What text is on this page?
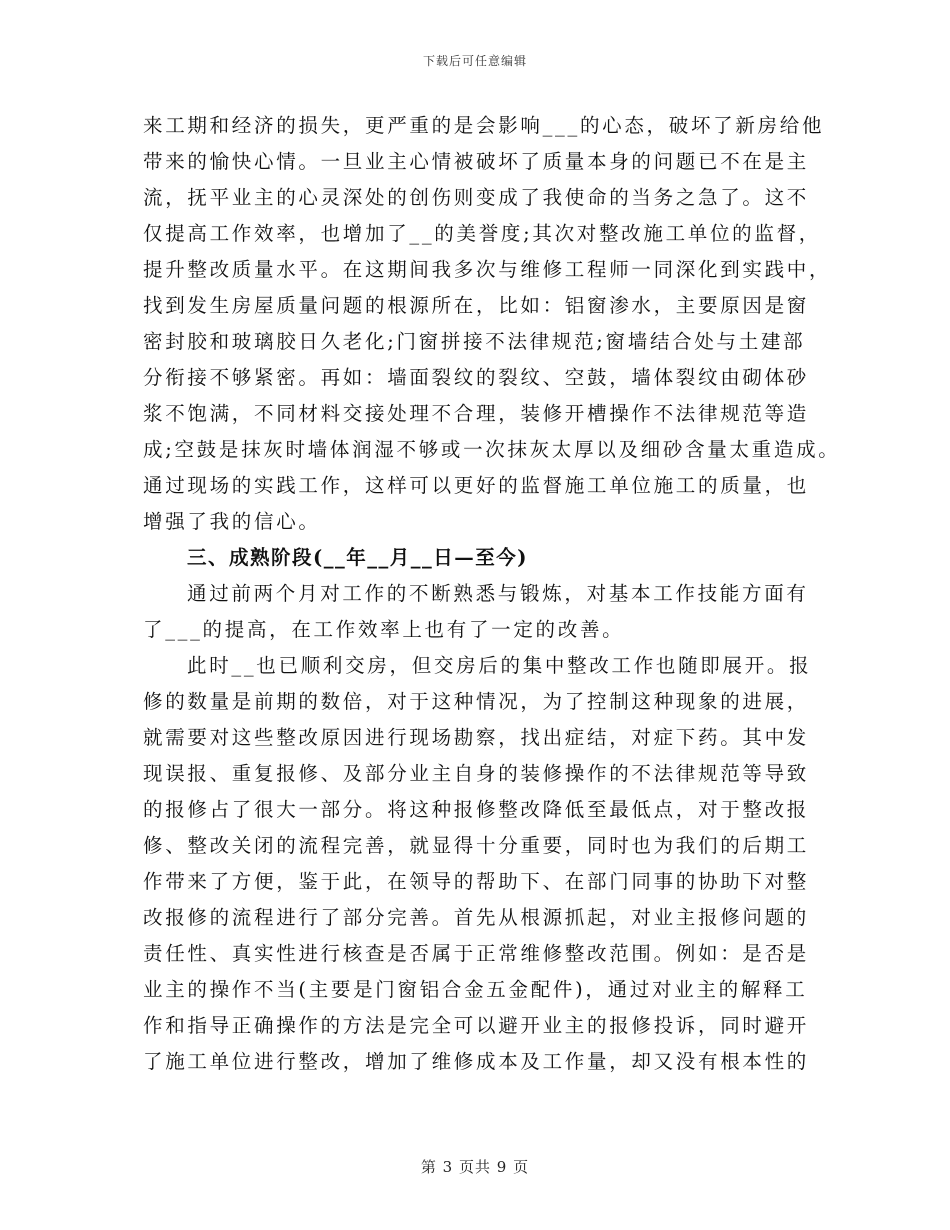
下载后可任意编辑
来工期和经济的损失，更严重的是会影响___的心态，破坏了新房给他
带来的愉快心情。一旦业主心情被破坏了质量本身的问题已不在是主
流，抚平业主的心灵深处的创伤则变成了我使命的当务之急了。这不
仅提高工作效率，也增加了__的美誉度;其次对整改施工单位的监督，
提升整改质量水平。在这期间我多次与维修工程师一同深化到实践中，
找到发生房屋质量问题的根源所在，比如：铝窗渗水，主要原因是窗
密封胶和玻璃胶日久老化;门窗拼接不法律规范;窗墙结合处与土建部
分衔接不够紧密。再如：墙面裂纹的裂纹、空鼓，墙体裂纹由砌体砂
浆不饱满，不同材料交接处理不合理，装修开槽操作不法律规范等造
成;空鼓是抹灰时墙体润湿不够或一次抹灰太厚以及细砂含量太重造成。
通过现场的实践工作，这样可以更好的监督施工单位施工的质量，也
增强了我的信心。
三、成熟阶段(__年__月__日—至今)
通过前两个月对工作的不断熟悉与锻炼，对基本工作技能方面有
了___的提高，在工作效率上也有了一定的改善。
此时__也已顺利交房，但交房后的集中整改工作也随即展开。报
修的数量是前期的数倍，对于这种情况，为了控制这种现象的进展，
就需要对这些整改原因进行现场勘察，找出症结，对症下药。其中发
现误报、重复报修、及部分业主自身的装修操作的不法律规范等导致
的报修占了很大一部分。将这种报修整改降低至最低点，对于整改报
修、整改关闭的流程完善，就显得十分重要，同时也为我们的后期工
作带来了方便，鉴于此，在领导的帮助下、在部门同事的协助下对整
改报修的流程进行了部分完善。首先从根源抓起，对业主报修问题的
责任性、真实性进行核查是否属于正常维修整改范围。例如：是否是
业主的操作不当(主要是门窗铝合金五金配件)，通过对业主的解释工
作和指导正确操作的方法是完全可以避开业主的报修投诉，同时避开
了施工单位进行整改，增加了维修成本及工作量，却又没有根本性的
第 3 页共 9 页
